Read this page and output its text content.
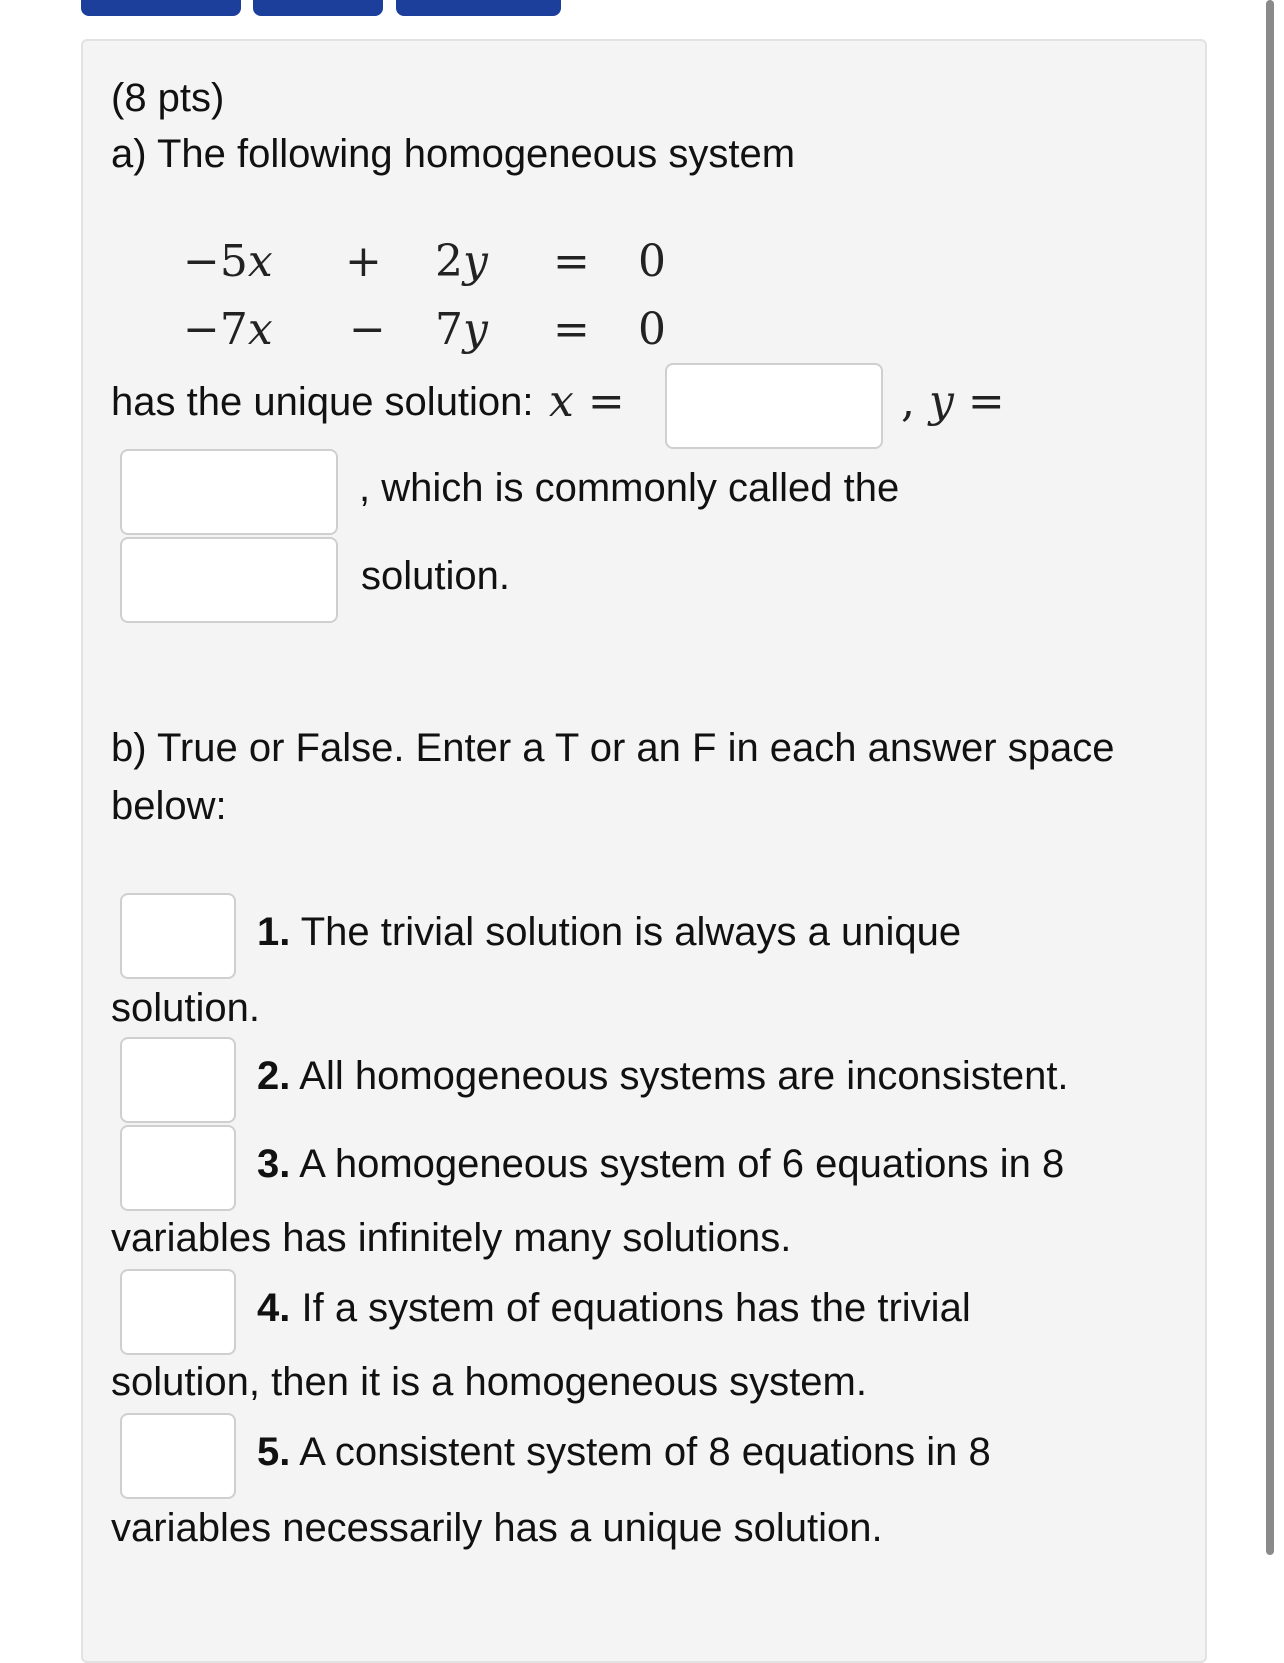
(8 pts)
a) The following homogeneous system
−5x + 2y = 0
−7x − 7y = 0
has the unique solution: x =	, y =
, which is commonly called the
solution.
b) True or False. Enter a T or an F in each answer space
below:
1. The trivial solution is always a unique
solution.
2. All homogeneous systems are inconsistent.
3. A homogeneous system of 6 equations in 8
variables has infinitely many solutions.
4. If a system of equations has the trivial
solution, then it is a homogeneous system.
5. A consistent system of 8 equations in 8
variables necessarily has a unique solution.
